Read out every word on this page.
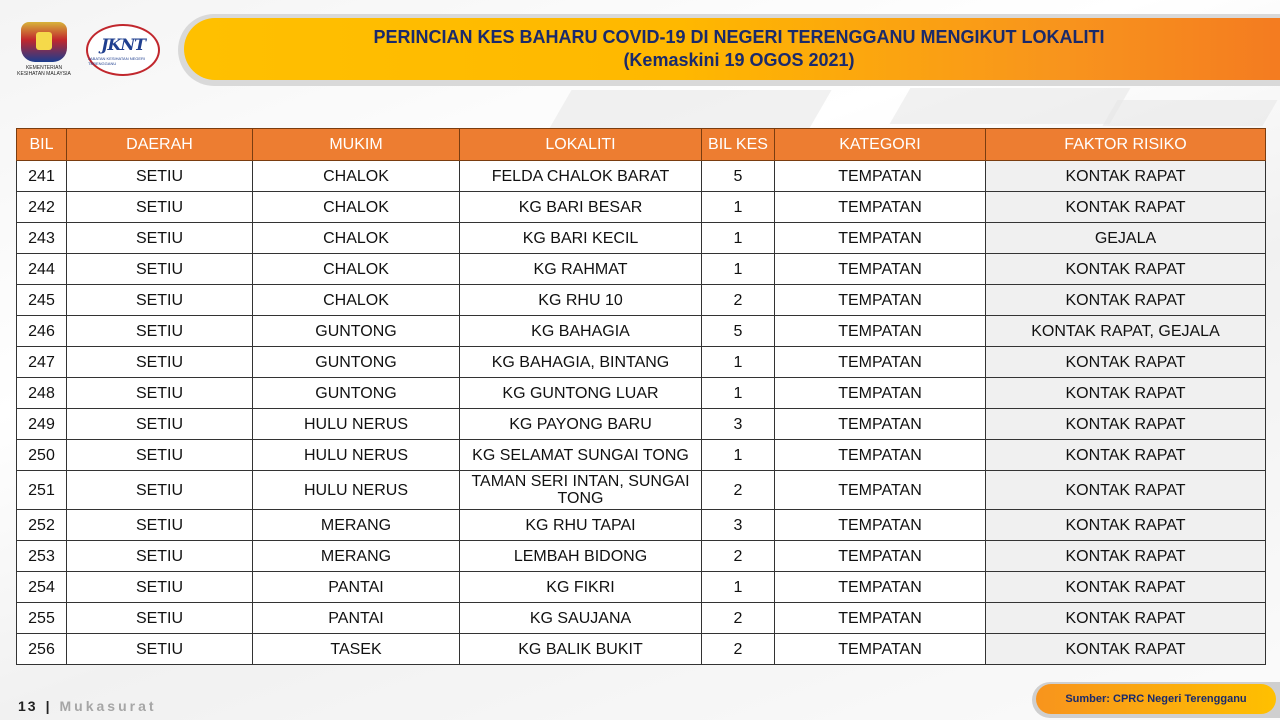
KEMENTERIAN KESIHATAN MALAYSIA
JKNT
JABATAN KESIHATAN NEGERI TERENGGANU
PERINCIAN KES BAHARU COVID-19 DI NEGERI TERENGGANU MENGIKUT LOKALITI
(Kemaskini 19 OGOS 2021)
BIL	DAERAH	MUKIM	LOKALITI	BIL KES	KATEGORI	FAKTOR RISIKO
241	SETIU	CHALOK	FELDA CHALOK BARAT	5	TEMPATAN	KONTAK RAPAT
242	SETIU	CHALOK	KG BARI BESAR	1	TEMPATAN	KONTAK RAPAT
243	SETIU	CHALOK	KG BARI KECIL	1	TEMPATAN	GEJALA
244	SETIU	CHALOK	KG RAHMAT	1	TEMPATAN	KONTAK RAPAT
245	SETIU	CHALOK	KG RHU 10	2	TEMPATAN	KONTAK RAPAT
246	SETIU	GUNTONG	KG BAHAGIA	5	TEMPATAN	KONTAK RAPAT, GEJALA
247	SETIU	GUNTONG	KG BAHAGIA, BINTANG	1	TEMPATAN	KONTAK RAPAT
248	SETIU	GUNTONG	KG GUNTONG LUAR	1	TEMPATAN	KONTAK RAPAT
249	SETIU	HULU NERUS	KG PAYONG BARU	3	TEMPATAN	KONTAK RAPAT
250	SETIU	HULU NERUS	KG SELAMAT SUNGAI TONG	1	TEMPATAN	KONTAK RAPAT
251	SETIU	HULU NERUS	TAMAN SERI INTAN, SUNGAI TONG	2	TEMPATAN	KONTAK RAPAT
252	SETIU	MERANG	KG RHU TAPAI	3	TEMPATAN	KONTAK RAPAT
253	SETIU	MERANG	LEMBAH BIDONG	2	TEMPATAN	KONTAK RAPAT
254	SETIU	PANTAI	KG FIKRI	1	TEMPATAN	KONTAK RAPAT
255	SETIU	PANTAI	KG SAUJANA	2	TEMPATAN	KONTAK RAPAT
256	SETIU	TASEK	KG BALIK BUKIT	2	TEMPATAN	KONTAK RAPAT
13 | Mukasurat	Sumber: CPRC Negeri Terengganu
